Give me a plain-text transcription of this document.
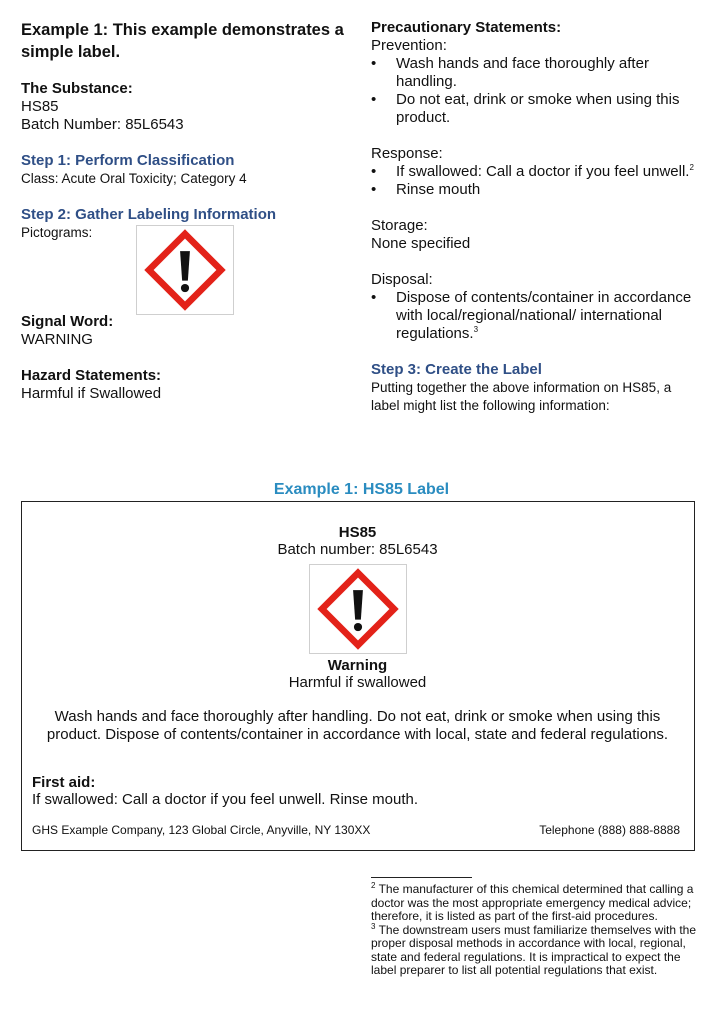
Example 1: This example demonstrates a simple label.

The Substance:
HS85
Batch Number: 85L6543
Step 1: Perform Classification
Class: Acute Oral Toxicity; Category 4
Step 2: Gather Labeling Information
Pictograms:
Signal Word:
WARNING
Hazard Statements:
Harmful if Swallowed
Precautionary Statements:
Prevention:
• Wash hands and face thoroughly after handling.
• Do not eat, drink or smoke when using this product.
Response:
• If swallowed: Call a doctor if you feel unwell.$^2$
• Rinse mouth
Storage:
None specified
Disposal:
• Dispose of contents/container in accordance with local/regional/national/ international regulations.$^3$
Step 3: Create the Label
Putting together the above information on HS85, a label might list the following information:
Example 1: HS85 Label
HS85
Batch number: 85L6543
Warning
Harmful if swallowed
Wash hands and face thoroughly after handling. Do not eat, drink or smoke when using this product. Dispose of contents/container in accordance with local, state and federal regulations.
First aid:
If swallowed: Call a doctor if you feel unwell. Rinse mouth.
GHS Example Company, 123 Global Circle, Anyville, NY 130XX	Telephone (888) 888-8888
$^2$ The manufacturer of this chemical determined that calling a doctor was the most appropriate emergency medical advice; therefore, it is listed as part of the first-aid procedures.
$^3$ The downstream users must familiarize themselves with the proper disposal methods in accordance with local, regional, state and federal regulations. It is impractical to expect the label preparer to list all potential regulations that exist.
